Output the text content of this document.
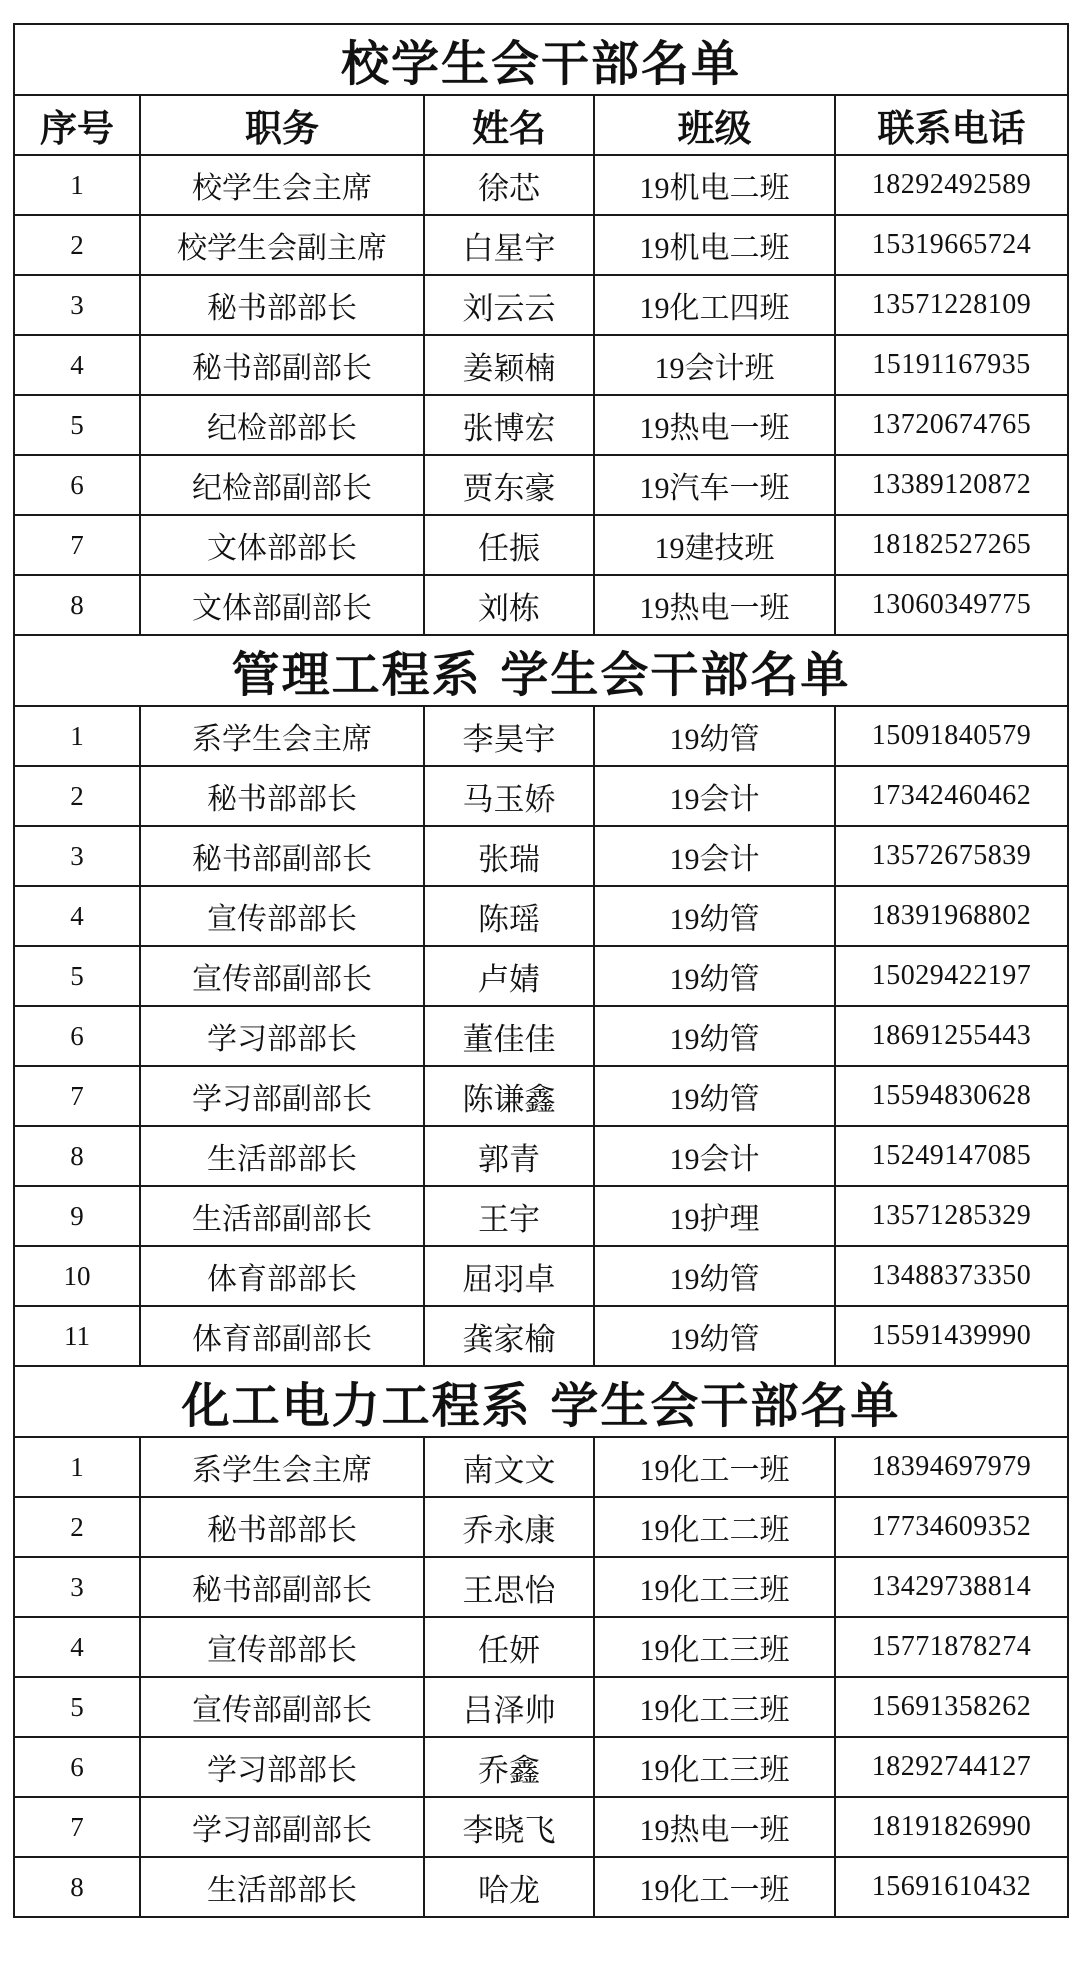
校学生会干部名单				
序号	职务	姓名	班级	联系电话
1	校学生会主席	徐芯	19机电二班	18292492589
2	校学生会副主席	白星宇	19机电二班	15319665724
3	秘书部部长	刘云云	19化工四班	13571228109
4	秘书部副部长	姜颖楠	19会计班	15191167935
5	纪检部部长	张博宏	19热电一班	13720674765
6	纪检部副部长	贾东豪	19汽车一班	13389120872
7	文体部部长	任振	19建技班	18182527265
8	文体部副部长	刘栋	19热电一班	13060349775
管理工程系 学生会干部名单				
1	系学生会主席	李昊宇	19幼管	15091840579
2	秘书部部长	马玉娇	19会计	17342460462
3	秘书部副部长	张瑞	19会计	13572675839
4	宣传部部长	陈瑶	19幼管	18391968802
5	宣传部副部长	卢婧	19幼管	15029422197
6	学习部部长	董佳佳	19幼管	18691255443
7	学习部副部长	陈谦鑫	19幼管	15594830628
8	生活部部长	郭青	19会计	15249147085
9	生活部副部长	王宇	19护理	13571285329
10	体育部部长	屈羽卓	19幼管	13488373350
11	体育部副部长	龚家榆	19幼管	15591439990
化工电力工程系 学生会干部名单				
1	系学生会主席	南文文	19化工一班	18394697979
2	秘书部部长	乔永康	19化工二班	17734609352
3	秘书部副部长	王思怡	19化工三班	13429738814
4	宣传部部长	任妍	19化工三班	15771878274
5	宣传部副部长	吕泽帅	19化工三班	15691358262
6	学习部部长	乔鑫	19化工三班	18292744127
7	学习部副部长	李晓飞	19热电一班	18191826990
8	生活部部长	哈龙	19化工一班	15691610432
